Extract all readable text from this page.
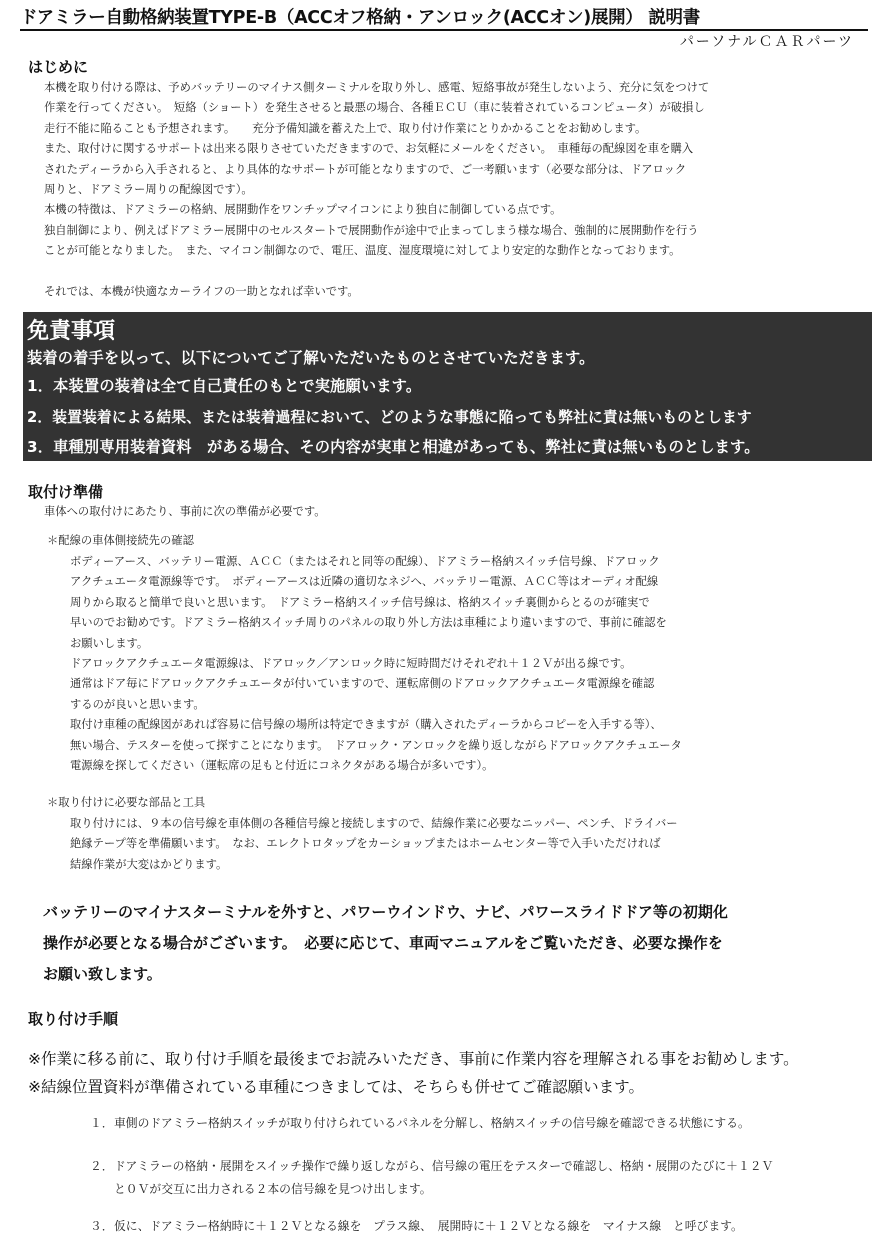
ドアミラー自動格納装置TYPE-B（ACCオフ格納・アンロック(ACCオン)展開） 説明書
パーソナルＣＡＲパーツ
はじめに
本機を取り付ける際は、予めバッテリーのマイナス側ターミナルを取り外し、感電、短絡事故が発生しないよう、充分に気をつけて
作業を行ってください。　短絡（ショート）を発生させると最悪の場合、各種ＥＣＵ（車に装着されているコンピュータ）が破損し
走行不能に陥ることも予想されます。　　充分予備知識を蓄えた上で、取り付け作業にとりかかることをお勧めします。
また、取付けに関するサポートは出来る限りさせていただきますので、お気軽にメールをください。　車種毎の配線図を車を購入
されたディーラから入手されると、より具体的なサポートが可能となりますので、ご一考願います（必要な部分は、ドアロック
周りと、ドアミラー周りの配線図です）。
本機の特徴は、ドアミラーの格納、展開動作をワンチップマイコンにより独自に制御している点です。
独自制御により、例えばドアミラー展開中のセルスタートで展開動作が途中で止まってしまう様な場合、強制的に展開動作を行う
ことが可能となりました。　また、マイコン制御なので、電圧、温度、湿度環境に対してより安定的な動作となっております。
それでは、本機が快適なカーライフの一助となれば幸いです。
免責事項
装着の着手を以って、以下についてご了解いただいたものとさせていただきます。
1．本装置の装着は全て自己責任のもとで実施願います。
2．装置装着による結果、または装着過程において、どのような事態に陥っても弊社に責は無いものとします
3．車種別専用装着資料　がある場合、その内容が実車と相違があっても、弊社に責は無いものとします。
取付け準備
車体への取付けにあたり、事前に次の準備が必要です。
＊配線の車体側接続先の確認
ボディーアース、バッテリー電源、ＡＣＣ（またはそれと同等の配線）、ドアミラー格納スイッチ信号線、ドアロック
アクチュエータ電源線等です。　ボディーアースは近隣の適切なネジへ、バッテリー電源、ＡＣＣ等はオーディオ配線
周りから取ると簡単で良いと思います。　ドアミラー格納スイッチ信号線は、格納スイッチ裏側からとるのが確実で
早いのでお勧めです。ドアミラー格納スイッチ周りのパネルの取り外し方法は車種により違いますので、事前に確認を
お願いします。
ドアロックアクチュエータ電源線は、ドアロック／アンロック時に短時間だけそれぞれ＋１２Ｖが出る線です。
通常はドア毎にドアロックアクチュエータが付いていますので、運転席側のドアロックアクチュエータ電源線を確認
するのが良いと思います。
取付け車種の配線図があれば容易に信号線の場所は特定できますが（購入されたディーラからコピーを入手する等）、
無い場合、テスターを使って探すことになります。　ドアロック・アンロックを繰り返しながらドアロックアクチュエータ
電源線を探してください（運転席の足もと付近にコネクタがある場合が多いです）。
＊取り付けに必要な部品と工具
取り付けには、９本の信号線を車体側の各種信号線と接続しますので、結線作業に必要なニッパー、ペンチ、ドライバー
絶縁テープ等を準備願います。　なお、エレクトロタップをカーショップまたはホームセンター等で入手いただければ
結線作業が大変はかどります。
バッテリーのマイナスターミナルを外すと、パワーウインドウ、ナビ、パワースライドドア等の初期化
操作が必要となる場合がございます。　必要に応じて、車両マニュアルをご覧いただき、必要な操作を
お願い致します。
取り付け手順
※作業に移る前に、取り付け手順を最後までお読みいただき、事前に作業内容を理解される事をお勧めします。
※結線位置資料が準備されている車種につきましては、そちらも併せてご確認願います。
１． 車側のドアミラー格納スイッチが取り付けられているパネルを分解し、格納スイッチの信号線を確認できる状態にする。
２． ドアミラーの格納・展開をスイッチ操作で繰り返しながら、信号線の電圧をテスターで確認し、格納・展開のたびに＋１２Ｖ
と０Ｖが交互に出力される２本の信号線を見つけ出します。
３． 仮に、ドアミラー格納時に＋１２Ｖとなる線を　プラス線、　展開時に＋１２Ｖとなる線を　マイナス線　と呼びます。
